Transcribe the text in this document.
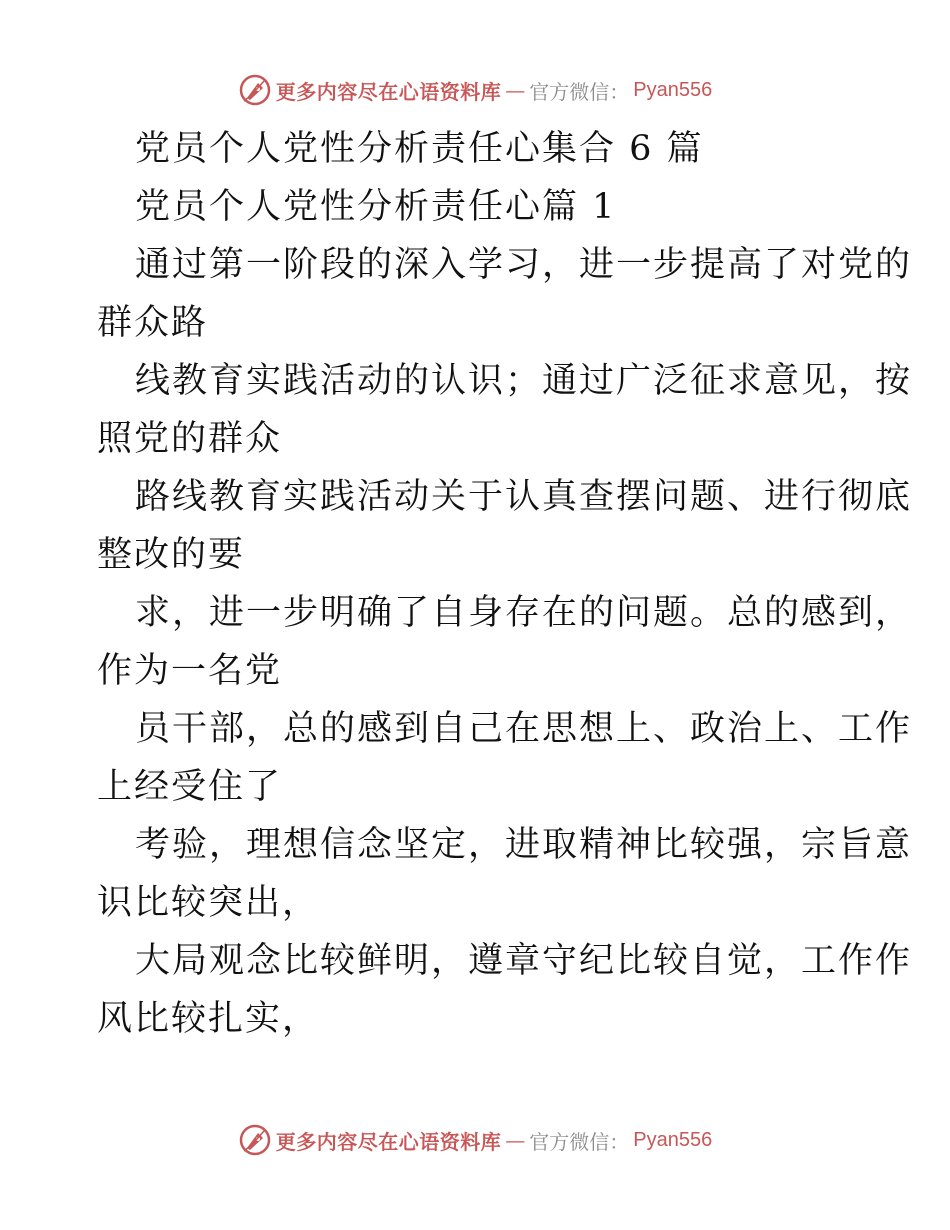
更多内容尽在心语资料库 — 官方微信： Pyan556
党员个人党性分析责任心集合 6 篇
党员个人党性分析责任心篇 1
通过第一阶段的深入学习，进一步提高了对党的
群众路
线教育实践活动的认识；通过广泛征求意见，按
照党的群众
路线教育实践活动关于认真查摆问题、进行彻底
整改的要
求，进一步明确了自身存在的问题。总的感到，
作为一名党
员干部，总的感到自己在思想上、政治上、工作
上经受住了
考验，理想信念坚定，进取精神比较强，宗旨意
识比较突出，
大局观念比较鲜明，遵章守纪比较自觉，工作作
风比较扎实，
更多内容尽在心语资料库 — 官方微信： Pyan556
